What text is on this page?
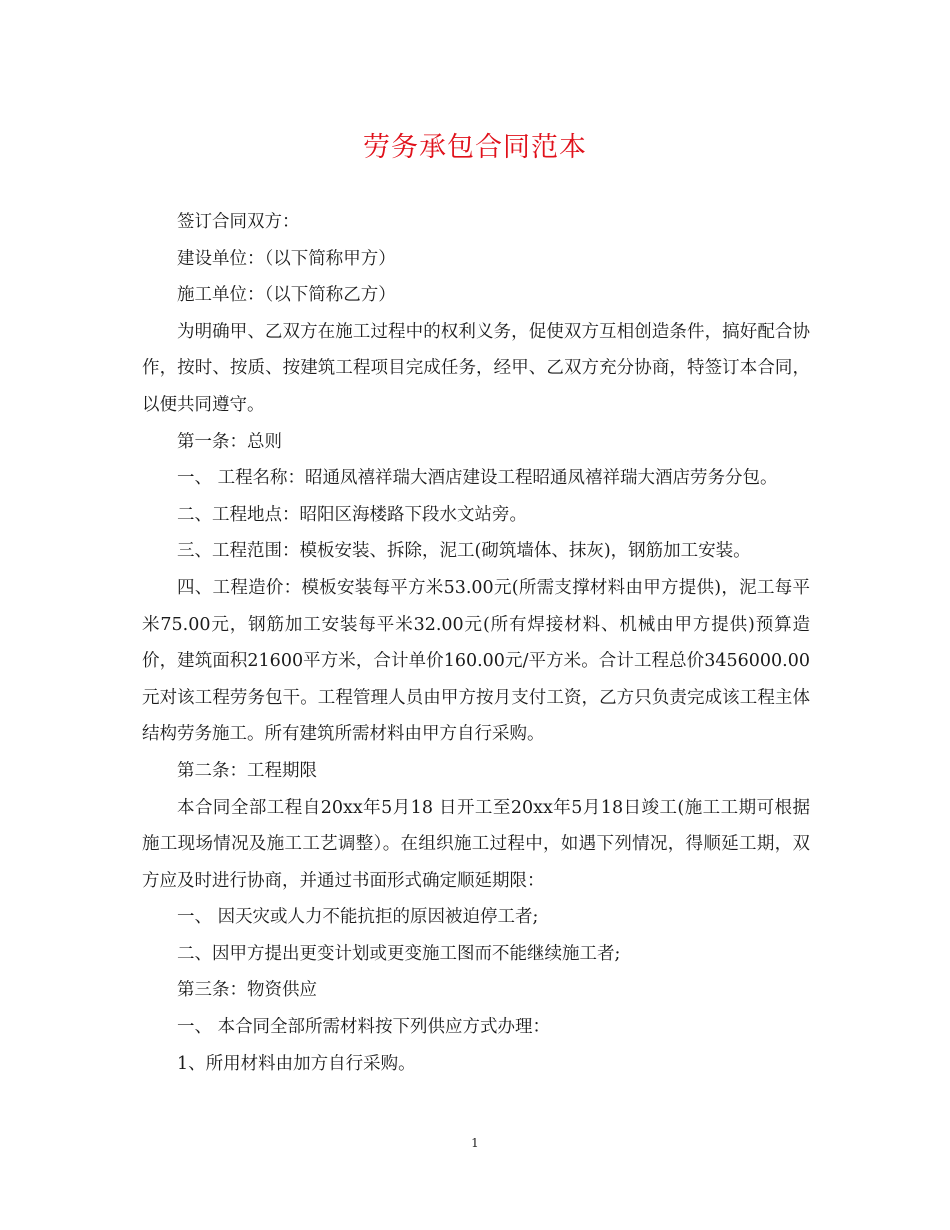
劳务承包合同范本

签订合同双方：

建设单位：（以下简称甲方）

施工单位：（以下简称乙方）

为明确甲、乙双方在施工过程中的权利义务，促使双方互相创造条件，搞好配合协作，按时、按质、按建筑工程项目完成任务，经甲、乙双方充分协商，特签订本合同，以便共同遵守。

第一条：总则

一、 工程名称：昭通凤禧祥瑞大酒店建设工程昭通凤禧祥瑞大酒店劳务分包。

二、工程地点：昭阳区海楼路下段水文站旁。

三、工程范围：模板安装、拆除，泥工(砌筑墙体、抹灰)，钢筋加工安装。

四、工程造价：模板安装每平方米53.00元(所需支撑材料由甲方提供)，泥工每平米75.00元，钢筋加工安装每平米32.00元(所有焊接材料、机械由甲方提供)预算造价，建筑面积21600平方米，合计单价160.00元/平方米。合计工程总价3456000.00元对该工程劳务包干。工程管理人员由甲方按月支付工资，乙方只负责完成该工程主体结构劳务施工。所有建筑所需材料由甲方自行采购。

第二条：工程期限

本合同全部工程自20xx年5月18 日开工至20xx年5月18日竣工(施工工期可根据施工现场情况及施工工艺调整）。在组织施工过程中，如遇下列情况，得顺延工期，双方应及时进行协商，并通过书面形式确定顺延期限：

一、 因天灾或人力不能抗拒的原因被迫停工者;

二、因甲方提出更变计划或更变施工图而不能继续施工者;

第三条：物资供应

一、 本合同全部所需材料按下列供应方式办理：

1、所用材料由加方自行采购。

1
